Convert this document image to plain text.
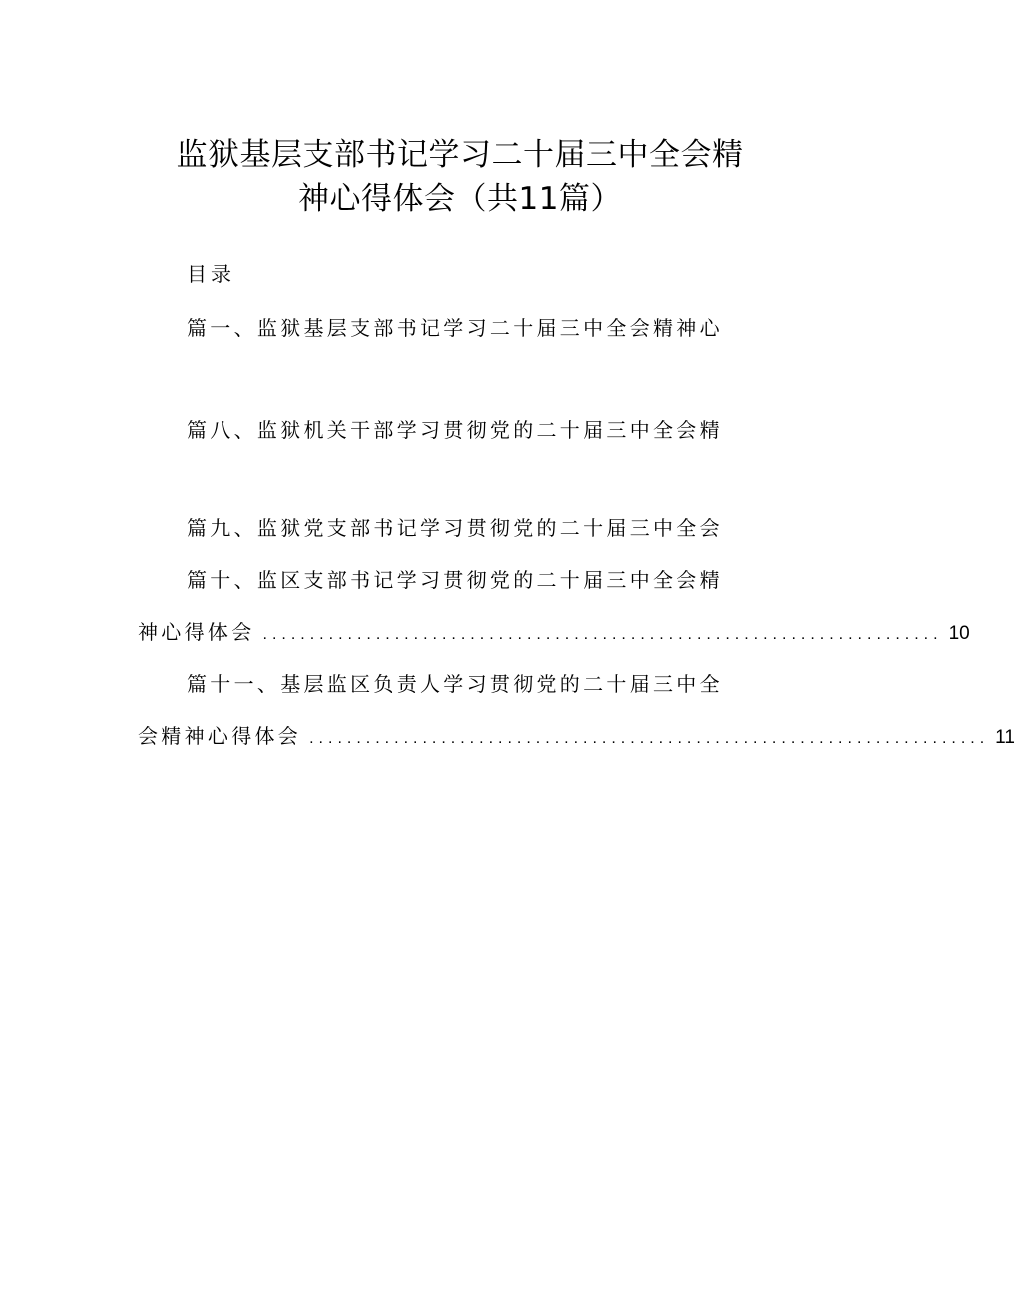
监狱基层支部书记学习二十届三中全会精
神心得体会（共11篇）
目录
篇一、监狱基层支部书记学习二十届三中全会精神心
篇八、监狱机关干部学习贯彻党的二十届三中全会精
篇九、监狱党支部书记学习贯彻党的二十届三中全会
篇十、监区支部书记学习贯彻党的二十届三中全会精
神心得体会 ........................................................................ 10
篇十一、基层监区负责人学习贯彻党的二十届三中全
会精神心得体会 ........................................................................ 11
